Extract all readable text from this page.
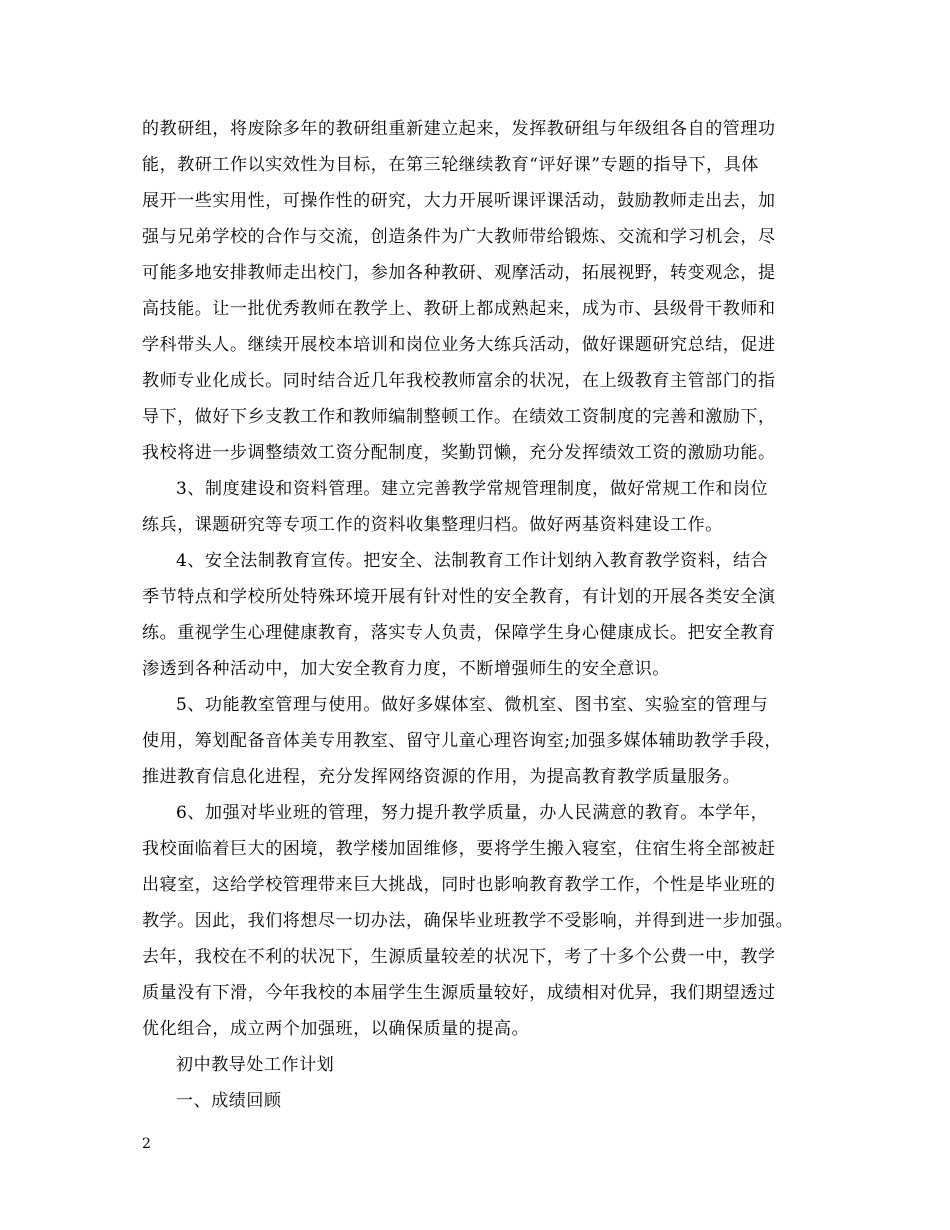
的教研组，将废除多年的教研组重新建立起来，发挥教研组与年级组各自的管理功
能，教研工作以实效性为目标，在第三轮继续教育“评好课”专题的指导下，具体
展开一些实用性，可操作性的研究，大力开展听课评课活动，鼓励教师走出去，加
强与兄弟学校的合作与交流，创造条件为广大教师带给锻炼、交流和学习机会，尽
可能多地安排教师走出校门，参加各种教研、观摩活动，拓展视野，转变观念，提
高技能。让一批优秀教师在教学上、教研上都成熟起来，成为市、县级骨干教师和
学科带头人。继续开展校本培训和岗位业务大练兵活动，做好课题研究总结，促进
教师专业化成长。同时结合近几年我校教师富余的状况，在上级教育主管部门的指
导下，做好下乡支教工作和教师编制整顿工作。在绩效工资制度的完善和激励下，
我校将进一步调整绩效工资分配制度，奖勤罚懒，充分发挥绩效工资的激励功能。
3、制度建设和资料管理。建立完善教学常规管理制度，做好常规工作和岗位
练兵，课题研究等专项工作的资料收集整理归档。做好两基资料建设工作。
4、安全法制教育宣传。把安全、法制教育工作计划纳入教育教学资料，结合
季节特点和学校所处特殊环境开展有针对性的安全教育，有计划的开展各类安全演
练。重视学生心理健康教育，落实专人负责，保障学生身心健康成长。把安全教育
渗透到各种活动中，加大安全教育力度，不断增强师生的安全意识。
5、功能教室管理与使用。做好多媒体室、微机室、图书室、实验室的管理与
使用，筹划配备音体美专用教室、留守儿童心理咨询室;加强多媒体辅助教学手段，
推进教育信息化进程，充分发挥网络资源的作用，为提高教育教学质量服务。
6、加强对毕业班的管理，努力提升教学质量，办人民满意的教育。本学年，
我校面临着巨大的困境，教学楼加固维修，要将学生搬入寝室，住宿生将全部被赶
出寝室，这给学校管理带来巨大挑战，同时也影响教育教学工作，个性是毕业班的
教学。因此，我们将想尽一切办法，确保毕业班教学不受影响，并得到进一步加强。
去年，我校在不利的状况下，生源质量较差的状况下，考了十多个公费一中，教学
质量没有下滑，今年我校的本届学生生源质量较好，成绩相对优异，我们期望透过
优化组合，成立两个加强班，以确保质量的提高。
初中教导处工作计划
一、成绩回顾
2
